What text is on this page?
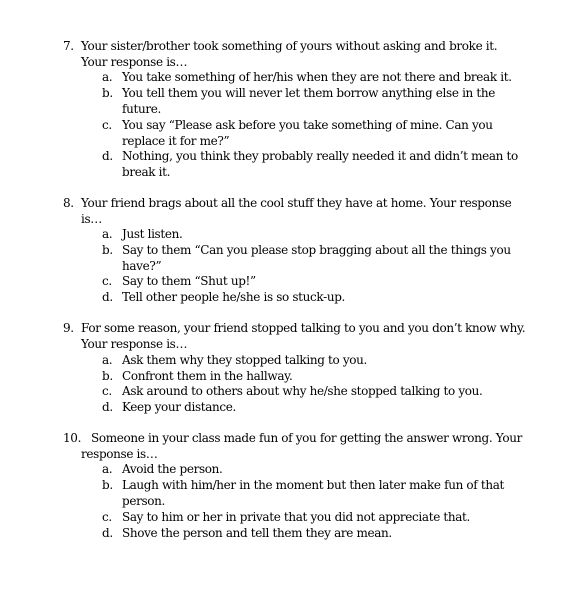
7. Your sister/brother took something of yours without asking and broke it.
Your response is…
a. You take something of her/his when they are not there and break it.
b. You tell them you will never let them borrow anything else in the
future.
c. You say “Please ask before you take something of mine. Can you
replace it for me?”
d. Nothing, you think they probably really needed it and didn’t mean to
break it.
8. Your friend brags about all the cool stuff they have at home. Your response
is…
a. Just listen.
b. Say to them “Can you please stop bragging about all the things you
have?”
c. Say to them “Shut up!”
d. Tell other people he/she is so stuck-up.
9. For some reason, your friend stopped talking to you and you don’t know why.
Your response is…
a. Ask them why they stopped talking to you.
b. Confront them in the hallway.
c. Ask around to others about why he/she stopped talking to you.
d. Keep your distance.
10. Someone in your class made fun of you for getting the answer wrong. Your
response is…
a. Avoid the person.
b. Laugh with him/her in the moment but then later make fun of that
person.
c. Say to him or her in private that you did not appreciate that.
d. Shove the person and tell them they are mean.
